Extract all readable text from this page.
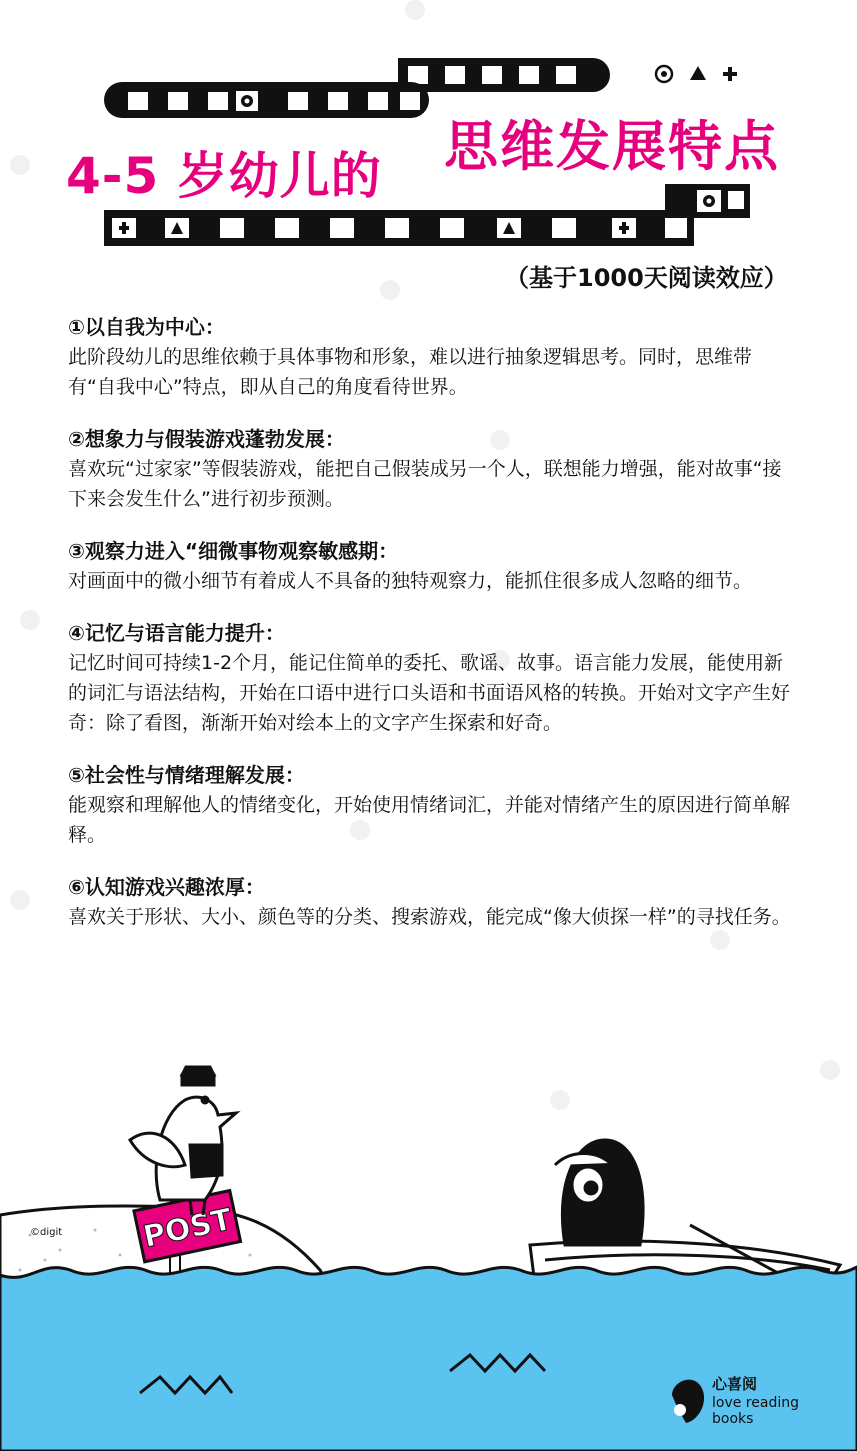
4-5 岁幼儿的 思维发展特点
（基于1000天阅读效应）
①以自我为中心：
此阶段幼儿的思维依赖于具体事物和形象，难以进行抽象逻辑思考。同时，思维带有“自我中心”特点，即从自己的角度看待世界。
②想象力与假装游戏蓬勃发展：
喜欢玩“过家家”等假装游戏，能把自己假装成另一个人，联想能力增强，能对故事“接下来会发生什么”进行初步预测。
③观察力进入“细微事物观察敏感期：
对画面中的微小细节有着成人不具备的独特观察力，能抓住很多成人忽略的细节。
④记忆与语言能力提升：
记忆时间可持续1-2个月，能记住简单的委托、歌谣、故事。语言能力发展，能使用新的词汇与语法结构，开始在口语中进行口头语和书面语风格的转换。开始对文字产生好奇：除了看图，渐渐开始对绘本上的文字产生探索和好奇。
⑤社会性与情绪理解发展：
能观察和理解他人的情绪变化，开始使用情绪词汇，并能对情绪产生的原因进行简单解释。
⑥认知游戏兴趣浓厚：
喜欢关于形状、大小、颜色等的分类、搜索游戏，能完成“像大侦探一样”的寻找任务。
©digit	POST
心喜阅
love reading
books
